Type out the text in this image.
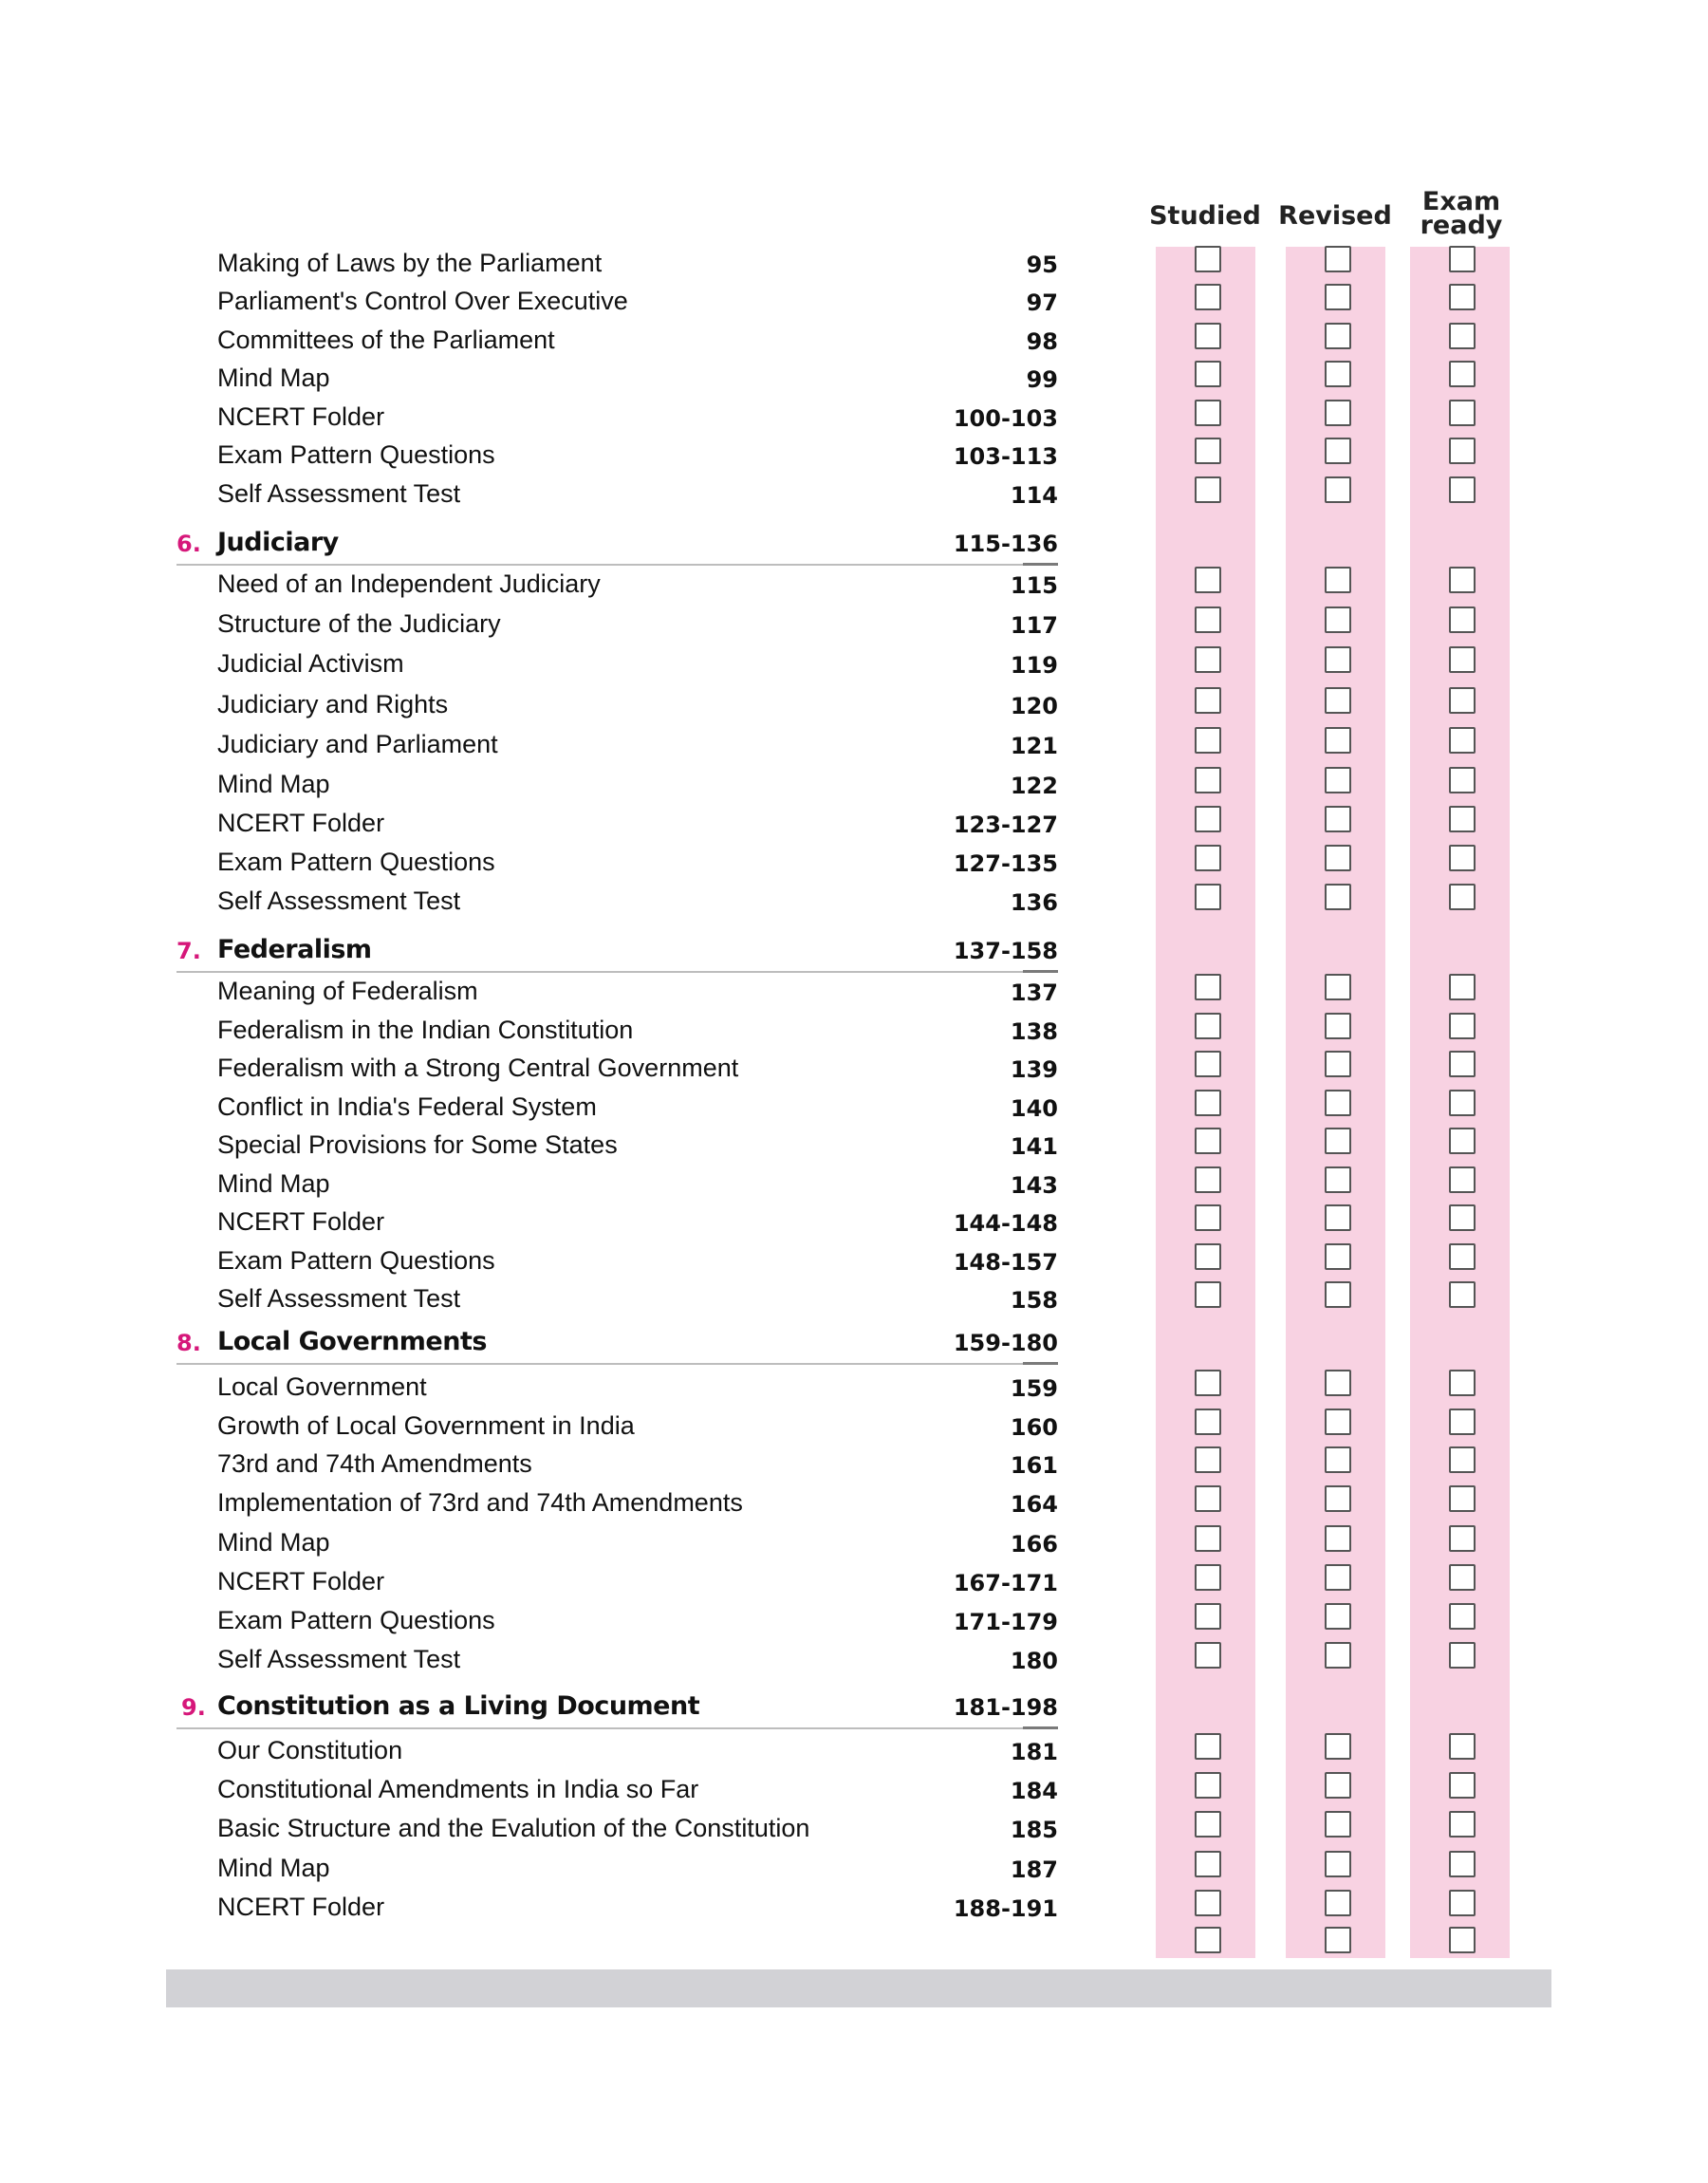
Studied Revised	Exam
ready
Making of Laws by the Parliament	95
Parliament's Control Over Executive	97
Committees of the Parliament	98
Mind Map	99
NCERT Folder	100-103
Exam Pattern Questions	103-113
Self Assessment Test	114
6. Judiciary	115-136
Need of an Independent Judiciary	115
Structure of the Judiciary	117
Judicial Activism	119
Judiciary and Rights	120
Judiciary and Parliament	121
Mind Map	122
NCERT Folder	123-127
Exam Pattern Questions	127-135
Self Assessment Test	136
7. Federalism	137-158
Meaning of Federalism	137
Federalism in the Indian Constitution	138
Federalism with a Strong Central Government	139
Conflict in India's Federal System	140
Special Provisions for Some States	141
Mind Map	143
NCERT Folder	144-148
Exam Pattern Questions	148-157
Self Assessment Test	158
8. Local Governments	159-180
Local Government	159
Growth of Local Government in India	160
73rd and 74th Amendments	161
Implementation of 73rd and 74th Amendments	164
Mind Map	166
NCERT Folder	167-171
Exam Pattern Questions	171-179
Self Assessment Test	180
9. Constitution as a Living Document	181-198
Our Constitution	181
Constitutional Amendments in India so Far	184
Basic Structure and the Evalution of the Constitution	185
Mind Map	187
NCERT Folder	188-191
